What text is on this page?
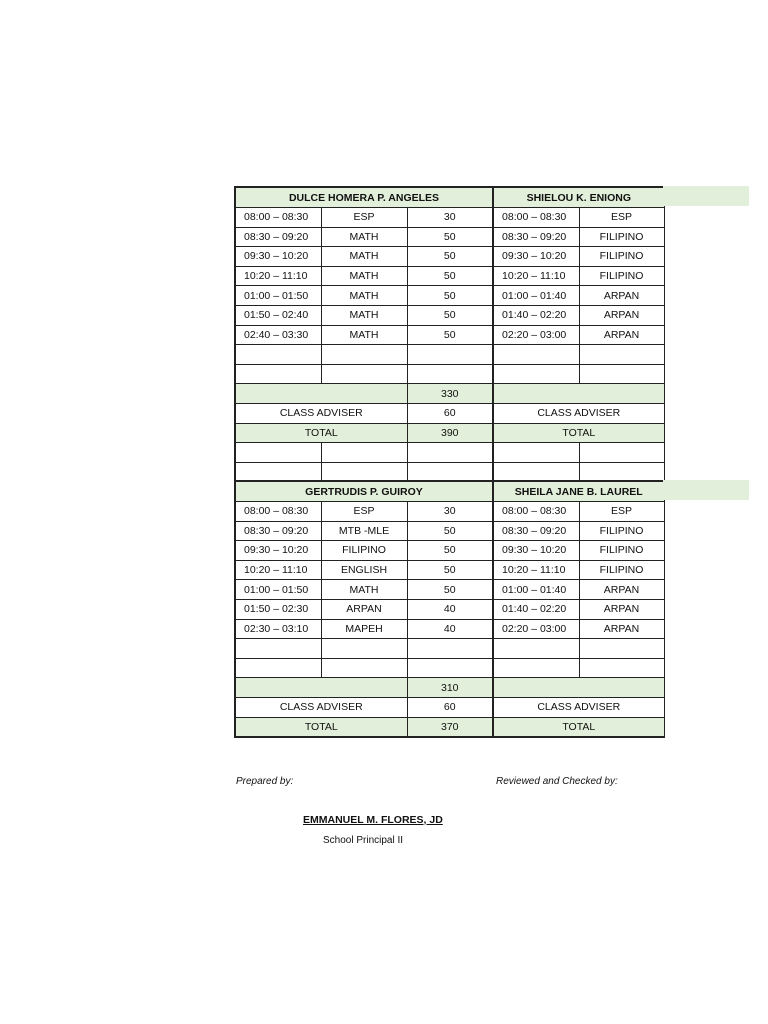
DULCE HOMERA P. ANGELES			SHIELOU K. ENIONG
08:00 – 08:30	ESP	30	08:00 – 08:30	ESP
08:30 – 09:20	MATH	50	08:30 – 09:20	FILIPINO
09:30 – 10:20	MATH	50	09:30 – 10:20	FILIPINO
10:20 – 11:10	MATH	50	10:20 – 11:10	FILIPINO
01:00 – 01:50	MATH	50	01:00 – 01:40	ARPAN
01:50 – 02:40	MATH	50	01:40 – 02:20	ARPAN
02:40 – 03:30	MATH	50	02:20 – 03:00	ARPAN

		330	
CLASS ADVISER		60	CLASS ADVISER
TOTAL		390	TOTAL

GERTRUDIS P. GUIROY			SHEILA JANE B. LAUREL
08:00 – 08:30	ESP	30	08:00 – 08:30	ESP
08:30 – 09:20	MTB -MLE	50	08:30 – 09:20	FILIPINO
09:30 – 10:20	FILIPINO	50	09:30 – 10:20	FILIPINO
10:20 – 11:10	ENGLISH	50	10:20 – 11:10	FILIPINO
01:00 – 01:50	MATH	50	01:00 – 01:40	ARPAN
01:50 – 02:30	ARPAN	40	01:40 – 02:20	ARPAN
02:30 – 03:10	MAPEH	40	02:20 – 03:00	ARPAN

		310	
CLASS ADVISER		60	CLASS ADVISER
TOTAL		370	TOTAL
Prepared by:	Reviewed and Checked by:
EMMANUEL M. FLORES, JD
School Principal II
